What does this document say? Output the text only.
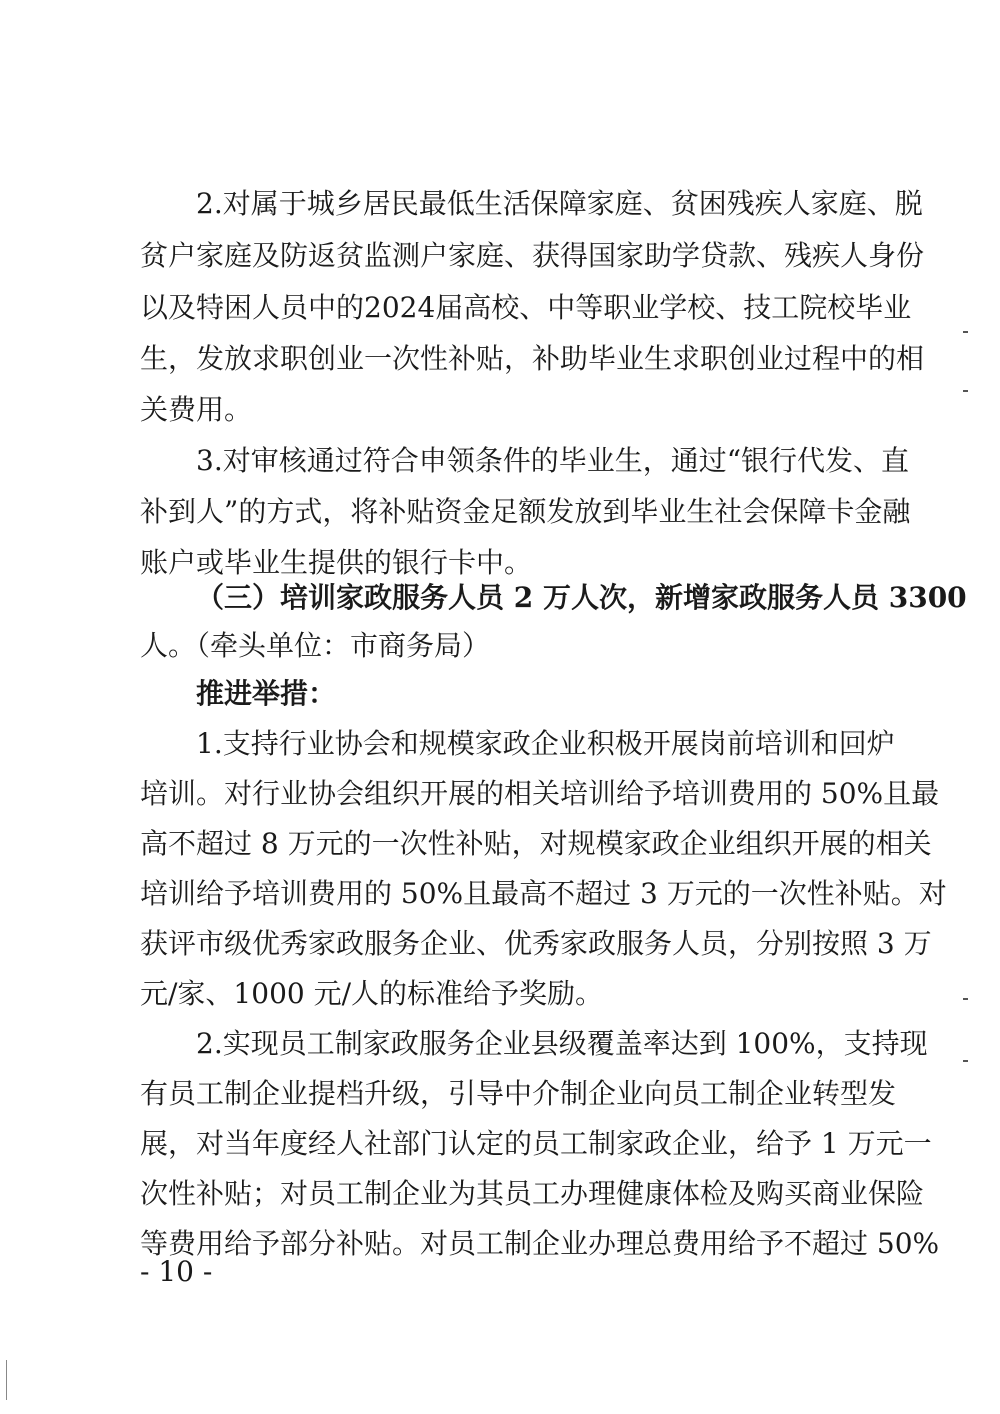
2.对属于城乡居民最低生活保障家庭、贫困残疾人家庭、脱
贫户家庭及防返贫监测户家庭、获得国家助学贷款、残疾人身份
以及特困人员中的2024届高校、中等职业学校、技工院校毕业
生，发放求职创业一次性补贴，补助毕业生求职创业过程中的相
关费用。
3.对审核通过符合申领条件的毕业生，通过“银行代发、直
补到人”的方式，将补贴资金足额发放到毕业生社会保障卡金融
账户或毕业生提供的银行卡中。
（三）培训家政服务人员 2 万人次，新增家政服务人员 3300
人。（牵头单位：市商务局）
推进举措：
1.支持行业协会和规模家政企业积极开展岗前培训和回炉
培训。对行业协会组织开展的相关培训给予培训费用的 50%且最
高不超过 8 万元的一次性补贴，对规模家政企业组织开展的相关
培训给予培训费用的 50%且最高不超过 3 万元的一次性补贴。对
获评市级优秀家政服务企业、优秀家政服务人员，分别按照 3 万
元/家、1000 元/人的标准给予奖励。
2.实现员工制家政服务企业县级覆盖率达到 100%，支持现
有员工制企业提档升级，引导中介制企业向员工制企业转型发
展，对当年度经人社部门认定的员工制家政企业，给予 1 万元一
次性补贴；对员工制企业为其员工办理健康体检及购买商业保险
等费用给予部分补贴。对员工制企业办理总费用给予不超过 50%
- 10 -
